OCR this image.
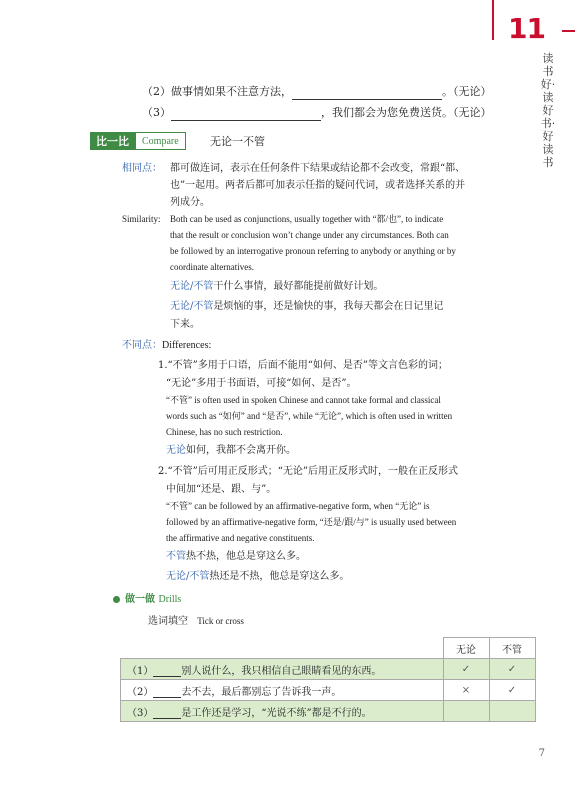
11
读书好·读好书·好读书
（2）做事情如果不注意方法，	。（无论）
（3）	，我们都会为您免费送货。（无论）
比一比	Compare	无论一不管
相同点： 都可做连词，表示在任何条件下结果或结论都不会改变，常跟“都、
也”一起用。两者后都可加表示任指的疑问代词，或者选择关系的并
列成分。
Similarity: Both can be used as conjunctions, usually together with “都/也”, to indicate
that the result or conclusion won’t change under any circumstances. Both can
be followed by an interrogative pronoun referring to anybody or anything or by
coordinate alternatives.
无论/不管干什么事情，最好都能提前做好计划。
无论/不管是烦恼的事，还是愉快的事，我每天都会在日记里记
下来。
不同点：Differences:
1.“不管”多用于口语，后面不能用“如何、是否”等文言色彩的词；
“无论”多用于书面语，可接“如何、是否”。
“不管” is often used in spoken Chinese and cannot take formal and classical
words such as “如何” and “是否”, while “无论”, which is often used in written
Chinese, has no such restriction.
无论如何，我都不会离开你。
2.“不管”后可用正反形式；“无论”后用正反形式时，一般在正反形式
中间加“还是、跟、与”。
“不管” can be followed by an affirmative-negative form, when “无论” is
followed by an affirmative-negative form, “还是/跟/与” is usually used between
the affirmative and negative constituents.
不管热不热，他总是穿这么多。
无论/不管热还是不热，他总是穿这么多。
做一做 Drills
选词填空 Tick or cross
	无论	不管
（1） 别人说什么，我只相信自己眼睛看见的东西。	✓	✓
（2） 去不去，最后都别忘了告诉我一声。	×	✓
（3） 是工作还是学习，“光说不练”都是不行的。		
7
